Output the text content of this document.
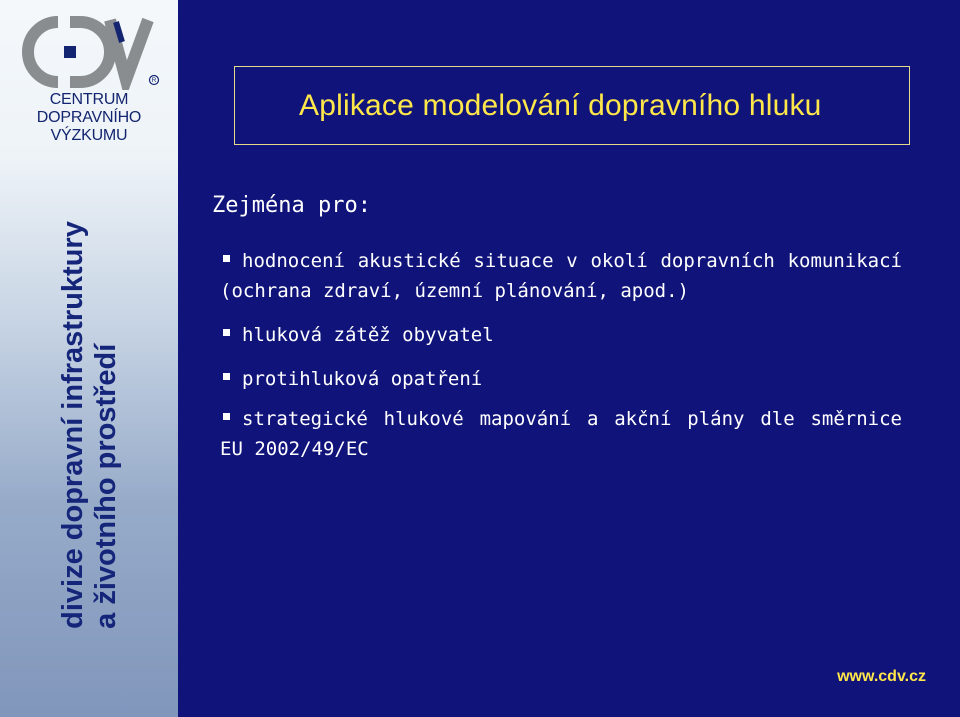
R

CENTRUM

DOPRAVNÍHO

VÝZKUMU

divize dopravní infrastruktury a životního prostředí
Aplikace modelování dopravního hluku

Zejména pro:

hodnocení akustické situace v okolí dopravních komunikací (ochrana zdraví, územní plánování, apod.)
hluková zátěž obyvatel
protihluková opatření
strategické hlukové mapování a akční plány dle směrnice EU 2002/49/EC
www.cdv.cz
